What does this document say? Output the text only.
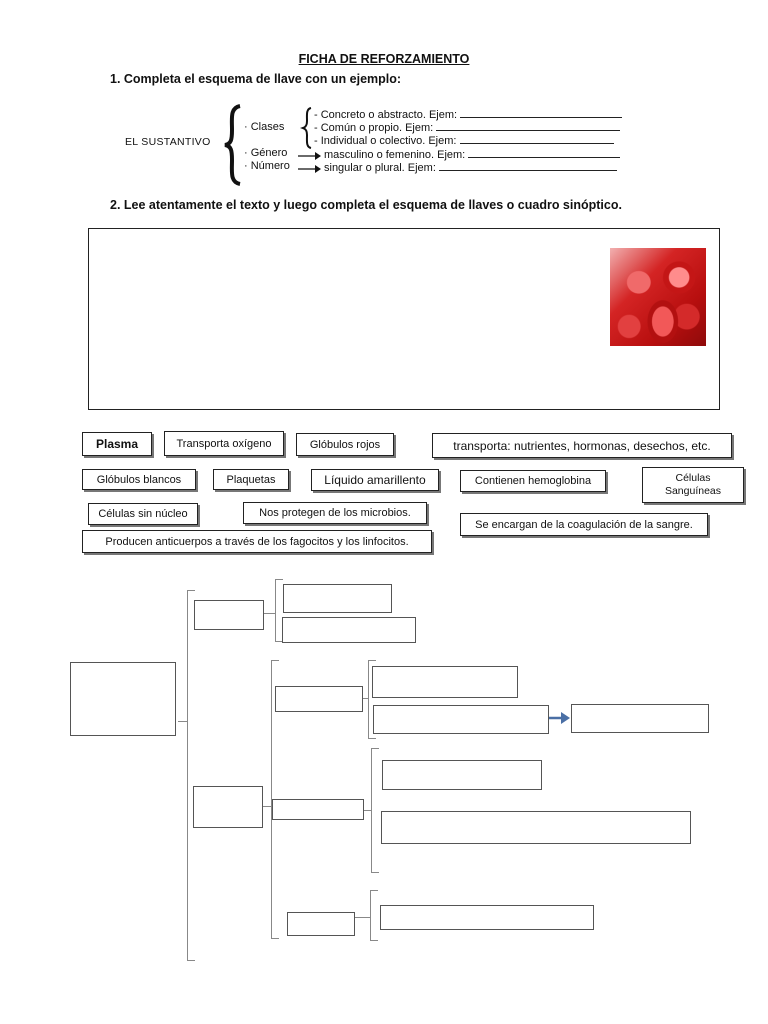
FICHA DE REFORZAMIENTO
1. Completa el esquema de llave con un ejemplo:
EL SUSTANTIVO
· Clases
· Género
· Número
- Concreto o abstracto. Ejem:
- Común o propio. Ejem:
- Individual o colectivo. Ejem:
masculino o femenino. Ejem:
singular o plural. Ejem:
2. Lee atentamente el texto y luego completa el esquema de llaves o cuadro sinóptico.
Plasma	Transporta oxígeno	Glóbulos rojos	transporta: nutrientes, hormonas, desechos, etc.
Glóbulos blancos	Plaquetas	Líquido amarillento	Contienen hemoglobina	Células
Sanguíneas
Células sin núcleo	Nos protegen de los microbios.
Se encargan de la coagulación de la sangre.
Producen anticuerpos a través de los fagocitos y los linfocitos.
